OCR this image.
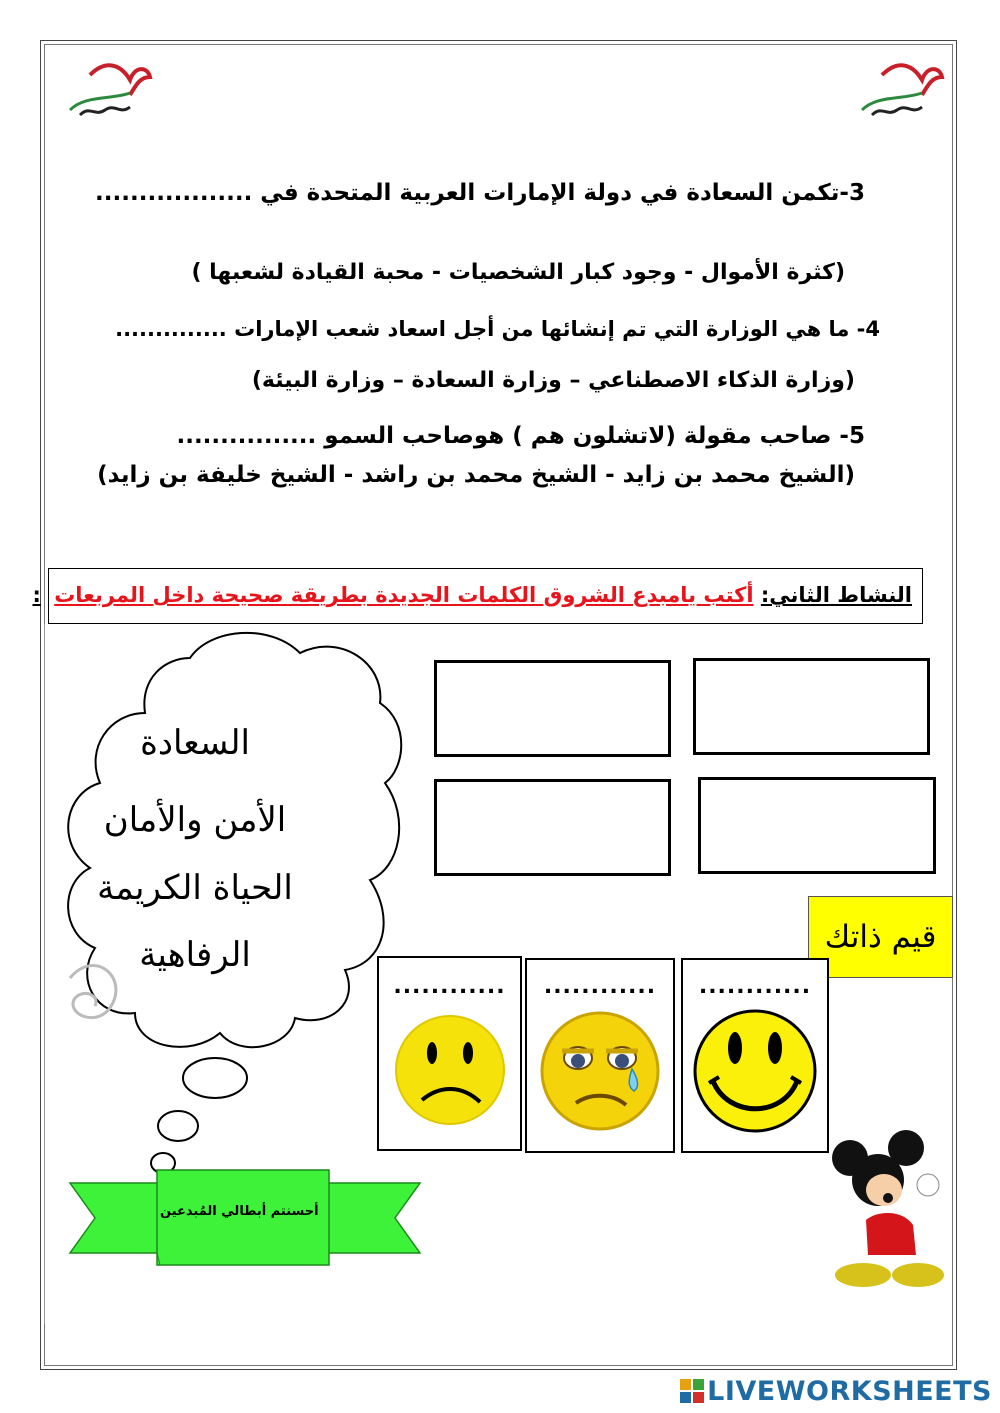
3-تكمن السعادة في دولة الإمارات العربية المتحدة في ..................
(كثرة الأموال - وجود كبار الشخصيات - محبة القيادة لشعبها )
4- ما هي الوزارة التي تم إنشائها من أجل اسعاد شعب الإمارات ..............
(وزارة الذكاء الاصطناعي – وزارة السعادة – وزارة البيئة)
5- صاحب مقولة (لاتشلون هم ) هوصاحب السمو ................
(الشيخ محمد بن زايد - الشيخ محمد بن راشد - الشيخ خليفة بن زايد)
النشاط الثاني: أكتب يامبدع الشروق الكلمات الجديدة بطريقة صحيحة داخل المربعات :
السعادة
الأمن والأمان
الحياة الكريمة
الرفاهية	قيم ذاتك
............	............	............
أحسنتم أبطالي المُبدعين
LIVEWORKSHEETS
